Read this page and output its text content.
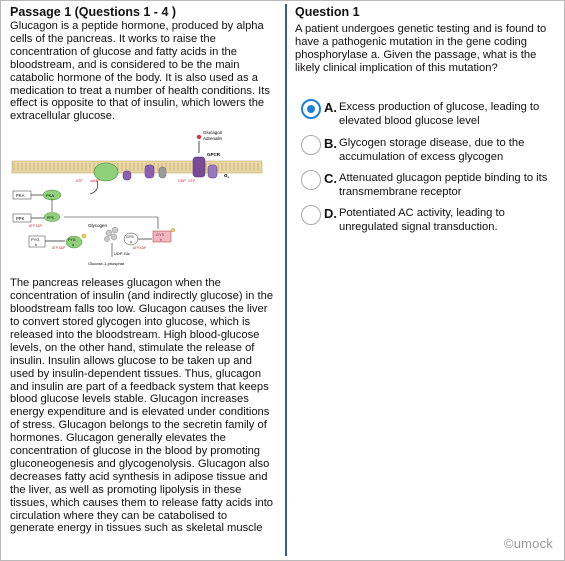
Passage 1 (Questions 1 - 4 )
Glucagon is a peptide hormone, produced by alpha cells of the pancreas. It works to raise the concentration of glucose and fatty acids in the bloodstream, and is considered to be the main catabolic hormone of the body. It is also used as a medication to treat a number of health conditions. Its effect is opposite to that of insulin, which lowers the extracellular glucose.
Glucagon
Adrenalin
GPCR
$G_s$
ATP cAMP	GDP GTP
PKA	PKA
PPK	PPK
ATP ADP	Glycogen
PYG
b
PYG
a
ATP ADP
GYS
a
GYS
b
ATP ADP
UDP-Glc
Glucose-1-phosphat
The pancreas releases glucagon when the concentration of insulin (and indirectly glucose) in the bloodstream falls too low. Glucagon causes the liver to convert stored glycogen into glucose, which is released into the bloodstream. High blood-glucose levels, on the other hand, stimulate the release of insulin. Insulin allows glucose to be taken up and used by insulin-dependent tissues. Thus, glucagon and insulin are part of a feedback system that keeps blood glucose levels stable. Glucagon increases energy expenditure and is elevated under conditions of stress. Glucagon belongs to the secretin family of hormones. Glucagon generally elevates the concentration of glucose in the blood by promoting gluconeogenesis and glycogenolysis. Glucagon also decreases fatty acid synthesis in adipose tissue and the liver, as well as promoting lipolysis in these tissues, which causes them to release fatty acids into circulation where they can be catabolised to generate energy in tissues such as skeletal muscle
Question 1
A patient undergoes genetic testing and is found to have a pathogenic mutation in the gene coding phosphorylase a. Given the passage, what is the likely clinical implication of this mutation?
A. Excess production of glucose, leading to elevated blood glucose level
B. Glycogen storage disease, due to the accumulation of excess glycogen
C. Attenuated glucagon peptide binding to its transmembrane receptor
D. Potentiated AC activity, leading to unregulated signal transduction.
©umock
